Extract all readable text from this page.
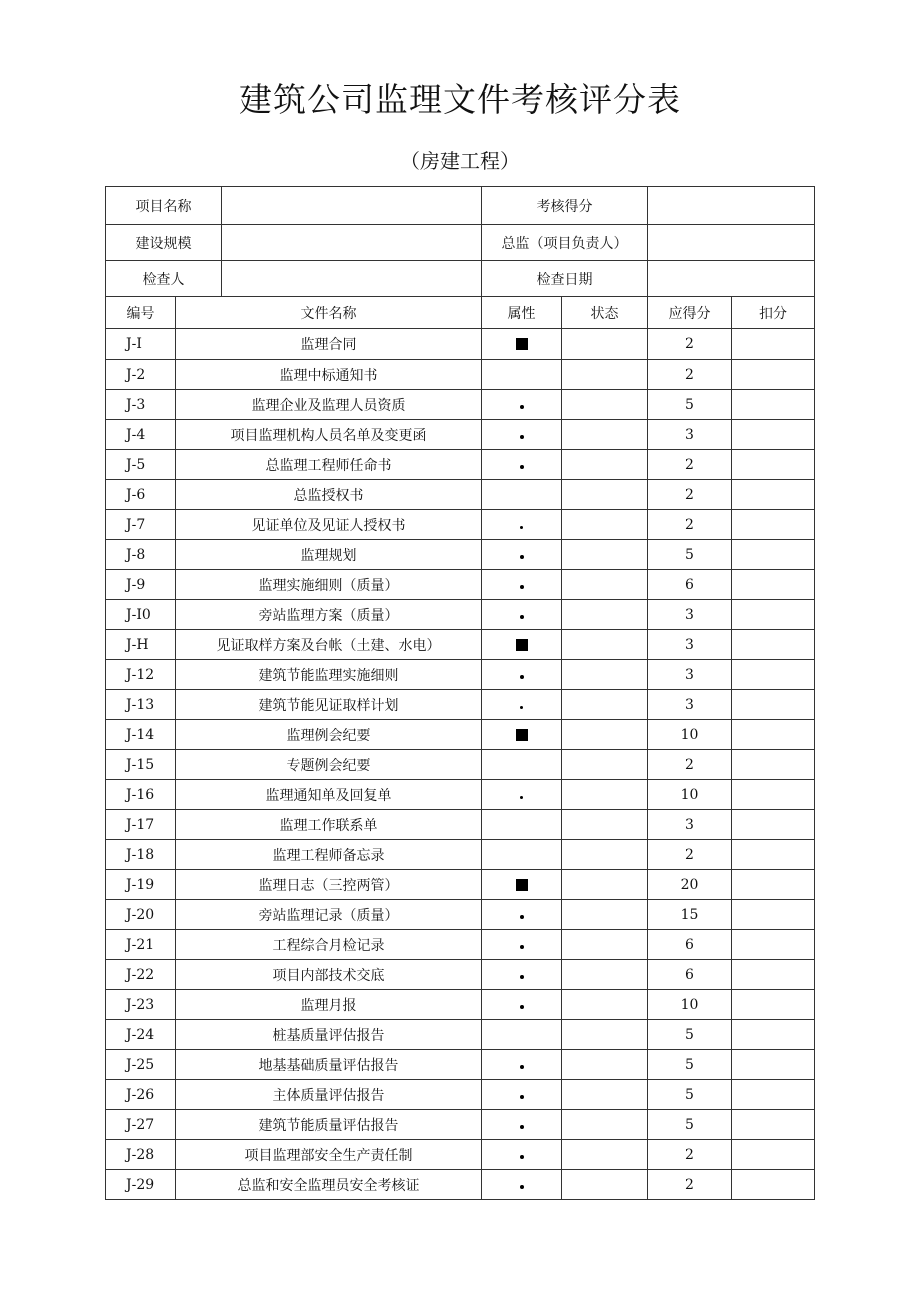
建筑公司监理文件考核评分表
（房建工程）
项目名称			考核得分			
建设规模			总监（项目负责人）			
检查人			检查日期			
编号	文件名称		属性	状态	应得分	扣分
J-I	监理合同				2	
J-2	监理中标通知书				2	
J-3	监理企业及监理人员资质				5	
J-4	项目监理机构人员名单及变更函				3	
J-5	总监理工程师任命书				2	
J-6	总监授权书				2	
J-7	见证单位及见证人授权书				2	
J-8	监理规划				5	
J-9	监理实施细则（质量）				6	
J-I0	旁站监理方案（质量）				3	
J-H	见证取样方案及台帐（土建、水电）				3	
J-12	建筑节能监理实施细则				3	
J-13	建筑节能见证取样计划				3	
J-14	监理例会纪要				10	
J-15	专题例会纪要				2	
J-16	监理通知单及回复单				10	
J-17	监理工作联系单				3	
J-18	监理工程师备忘录				2	
J-19	监理日志（三控两管）				20	
J-20	旁站监理记录（质量）				15	
J-21	工程综合月检记录				6	
J-22	项目内部技术交底				6	
J-23	监理月报				10	
J-24	桩基质量评估报告				5	
J-25	地基基础质量评估报告				5	
J-26	主体质量评估报告				5	
J-27	建筑节能质量评估报告				5	
J-28	项目监理部安全生产责任制				2	
J-29	总监和安全监理员安全考核证				2	
